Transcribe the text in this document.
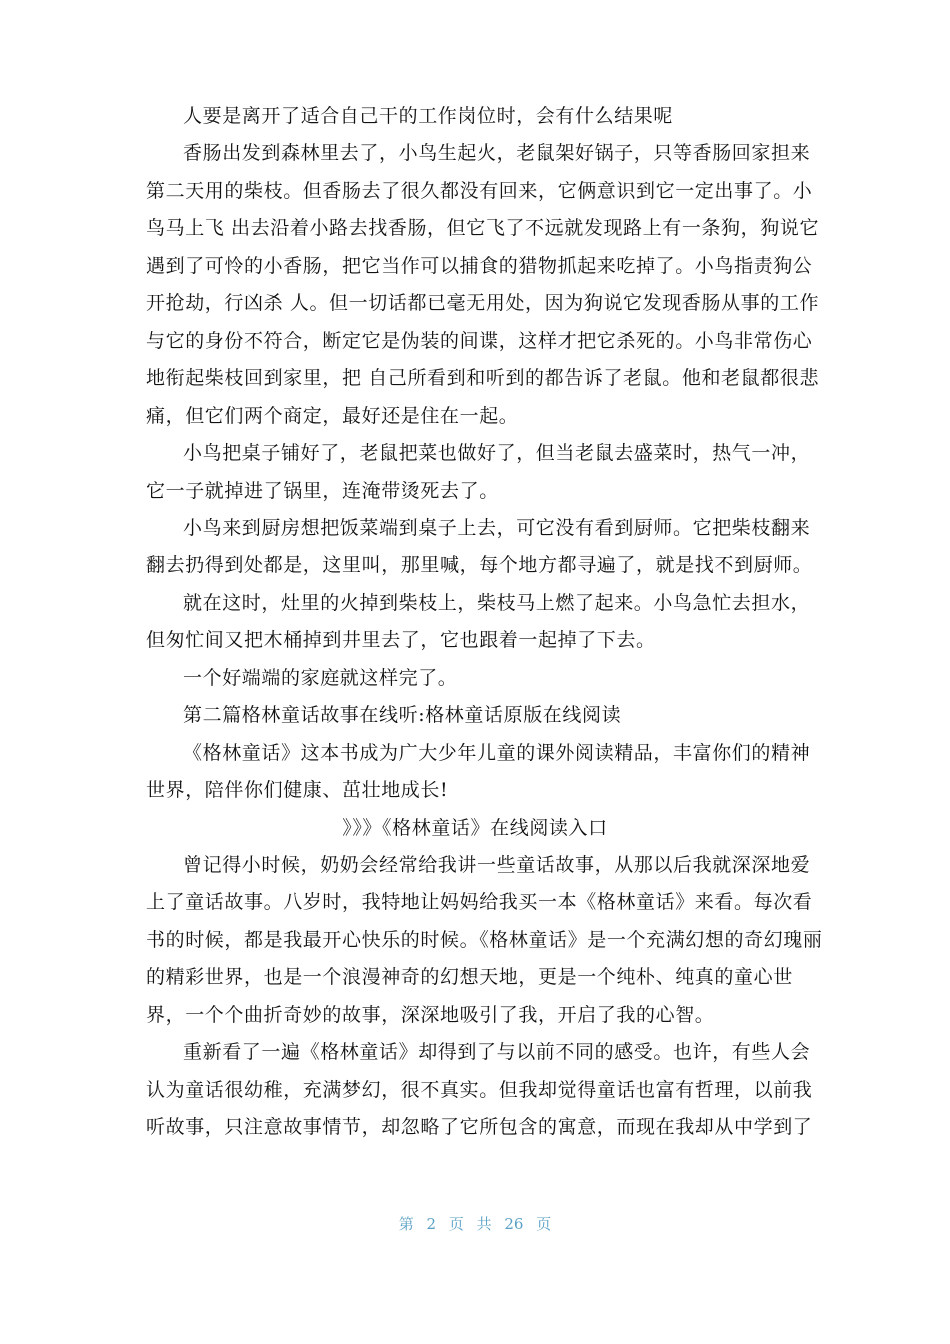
人要是离开了适合自己干的工作岗位时，会有什么结果呢
香肠出发到森林里去了，小鸟生起火，老鼠架好锅子，只等香肠回家担来
第二天用的柴枝。但香肠去了很久都没有回来，它俩意识到它一定出事了。小
鸟马上飞 出去沿着小路去找香肠，但它飞了不远就发现路上有一条狗，狗说它
遇到了可怜的小香肠，把它当作可以捕食的猎物抓起来吃掉了。小鸟指责狗公
开抢劫，行凶杀 人。但一切话都已毫无用处，因为狗说它发现香肠从事的工作
与它的身份不符合，断定它是伪装的间谍，这样才把它杀死的。小鸟非常伤心
地衔起柴枝回到家里，把 自己所看到和听到的都告诉了老鼠。他和老鼠都很悲
痛，但它们两个商定，最好还是住在一起。
小鸟把桌子铺好了，老鼠把菜也做好了，但当老鼠去盛菜时，热气一冲，
它一子就掉进了锅里，连淹带烫死去了。
小鸟来到厨房想把饭菜端到桌子上去，可它没有看到厨师。它把柴枝翻来
翻去扔得到处都是，这里叫，那里喊，每个地方都寻遍了，就是找不到厨师。
就在这时，灶里的火掉到柴枝上，柴枝马上燃了起来。小鸟急忙去担水，
但匆忙间又把木桶掉到井里去了，它也跟着一起掉了下去。
一个好端端的家庭就这样完了。
第二篇格林童话故事在线听:格林童话原版在线阅读
《格林童话》这本书成为广大少年儿童的课外阅读精品，丰富你们的精神
世界，陪伴你们健康、茁壮地成长!
》》》《格林童话》在线阅读入口
曾记得小时候，奶奶会经常给我讲一些童话故事，从那以后我就深深地爱
上了童话故事。八岁时，我特地让妈妈给我买一本《格林童话》来看。每次看
书的时候，都是我最开心快乐的时候。《格林童话》是一个充满幻想的奇幻瑰丽
的精彩世界，也是一个浪漫神奇的幻想天地，更是一个纯朴、纯真的童心世
界，一个个曲折奇妙的故事，深深地吸引了我，开启了我的心智。
重新看了一遍《格林童话》却得到了与以前不同的感受。也许，有些人会
认为童话很幼稚，充满梦幻，很不真实。但我却觉得童话也富有哲理，以前我
听故事，只注意故事情节，却忽略了它所包含的寓意，而现在我却从中学到了
第 2 页 共 26 页
